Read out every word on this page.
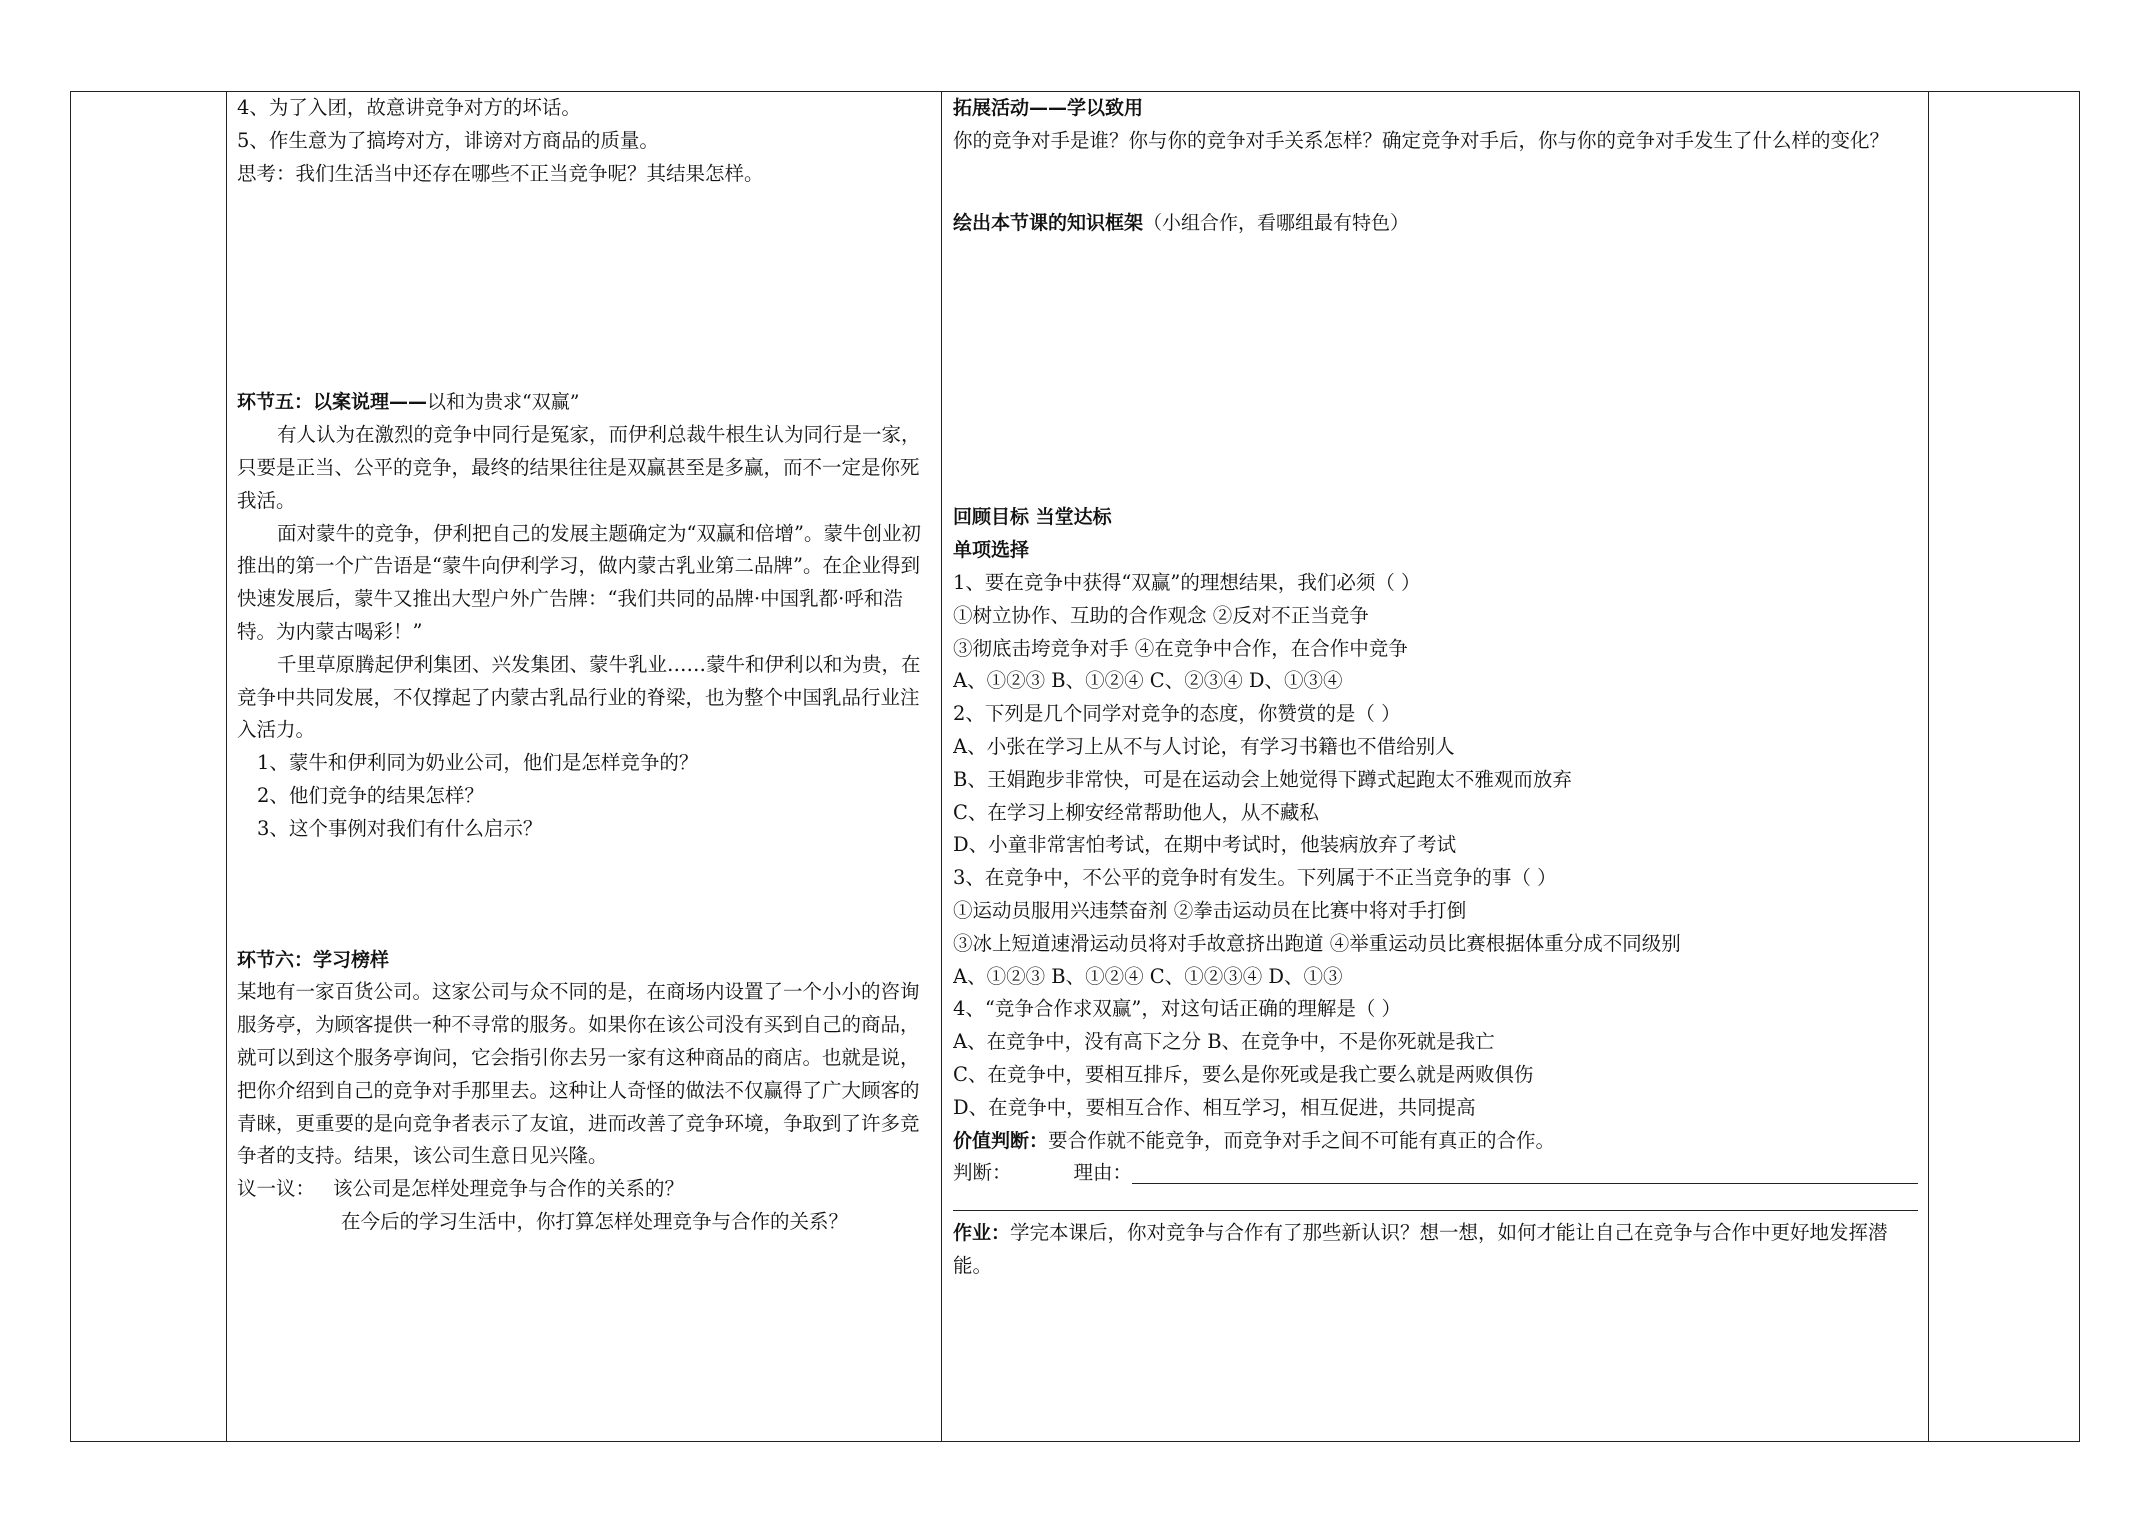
4、为了入团，故意讲竞争对方的坏话。
5、作生意为了搞垮对方，诽谤对方商品的质量。
思考：我们生活当中还存在哪些不正当竞争呢？其结果怎样。
环节五：以案说理——以和为贵求“双赢”
有人认为在激烈的竞争中同行是冤家，而伊利总裁牛根生认为同行是一家，只要是正当、公平的竞争，最终的结果往往是双赢甚至是多赢，而不一定是你死我活。
面对蒙牛的竞争，伊利把自己的发展主题确定为“双赢和倍增”。蒙牛创业初推出的第一个广告语是“蒙牛向伊利学习，做内蒙古乳业第二品牌”。在企业得到快速发展后，蒙牛又推出大型户外广告牌：“我们共同的品牌·中国乳都·呼和浩特。为内蒙古喝彩！”
千里草原腾起伊利集团、兴发集团、蒙牛乳业……蒙牛和伊利以和为贵，在竞争中共同发展，不仅撑起了内蒙古乳品行业的脊梁，也为整个中国乳品行业注入活力。
1、蒙牛和伊利同为奶业公司，他们是怎样竞争的？
2、他们竞争的结果怎样？
3、这个事例对我们有什么启示？
环节六：学习榜样
某地有一家百货公司。这家公司与众不同的是，在商场内设置了一个小小的咨询服务亭，为顾客提供一种不寻常的服务。如果你在该公司没有买到自己的商品，就可以到这个服务亭询问，它会指引你去另一家有这种商品的商店。也就是说，把你介绍到自己的竞争对手那里去。这种让人奇怪的做法不仅赢得了广大顾客的青睐，更重要的是向竞争者表示了友谊，进而改善了竞争环境，争取到了许多竞争者的支持。结果，该公司生意日见兴隆。
议一议： 该公司是怎样处理竞争与合作的关系的？
在今后的学习生活中，你打算怎样处理竞争与合作的关系？
拓展活动——学以致用
你的竞争对手是谁？你与你的竞争对手关系怎样？确定竞争对手后，你与你的竞争对手发生了什么样的变化？
绘出本节课的知识框架（小组合作，看哪组最有特色）
回顾目标 当堂达标
单项选择
1、要在竞争中获得“双赢”的理想结果，我们必须（ ）
①树立协作、互助的合作观念 ②反对不正当竞争
③彻底击垮竞争对手 ④在竞争中合作，在合作中竞争
A、①②③ B、①②④ C、②③④ D、①③④
2、下列是几个同学对竞争的态度，你赞赏的是（ ）
A、小张在学习上从不与人讨论，有学习书籍也不借给别人
B、王娟跑步非常快，可是在运动会上她觉得下蹲式起跑太不雅观而放弃
C、在学习上柳安经常帮助他人，从不藏私
D、小童非常害怕考试，在期中考试时，他装病放弃了考试
3、在竞争中，不公平的竞争时有发生。下列属于不正当竞争的事（ ）
①运动员服用兴违禁奋剂 ②拳击运动员在比赛中将对手打倒
③冰上短道速滑运动员将对手故意挤出跑道 ④举重运动员比赛根据体重分成不同级别
A、①②③ B、①②④ C、①②③④ D、①③
4、“竞争合作求双赢”，对这句话正确的理解是（ ）
A、在竞争中，没有高下之分 B、在竞争中，不是你死就是我亡
C、在竞争中，要相互排斥，要么是你死或是我亡要么就是两败俱伤
D、在竞争中，要相互合作、相互学习，相互促进，共同提高
价值判断：要合作就不能竞争，而竞争对手之间不可能有真正的合作。
判断：	理由：
作业：学完本课后，你对竞争与合作有了那些新认识？想一想，如何才能让自己在竞争与合作中更好地发挥潜能。
